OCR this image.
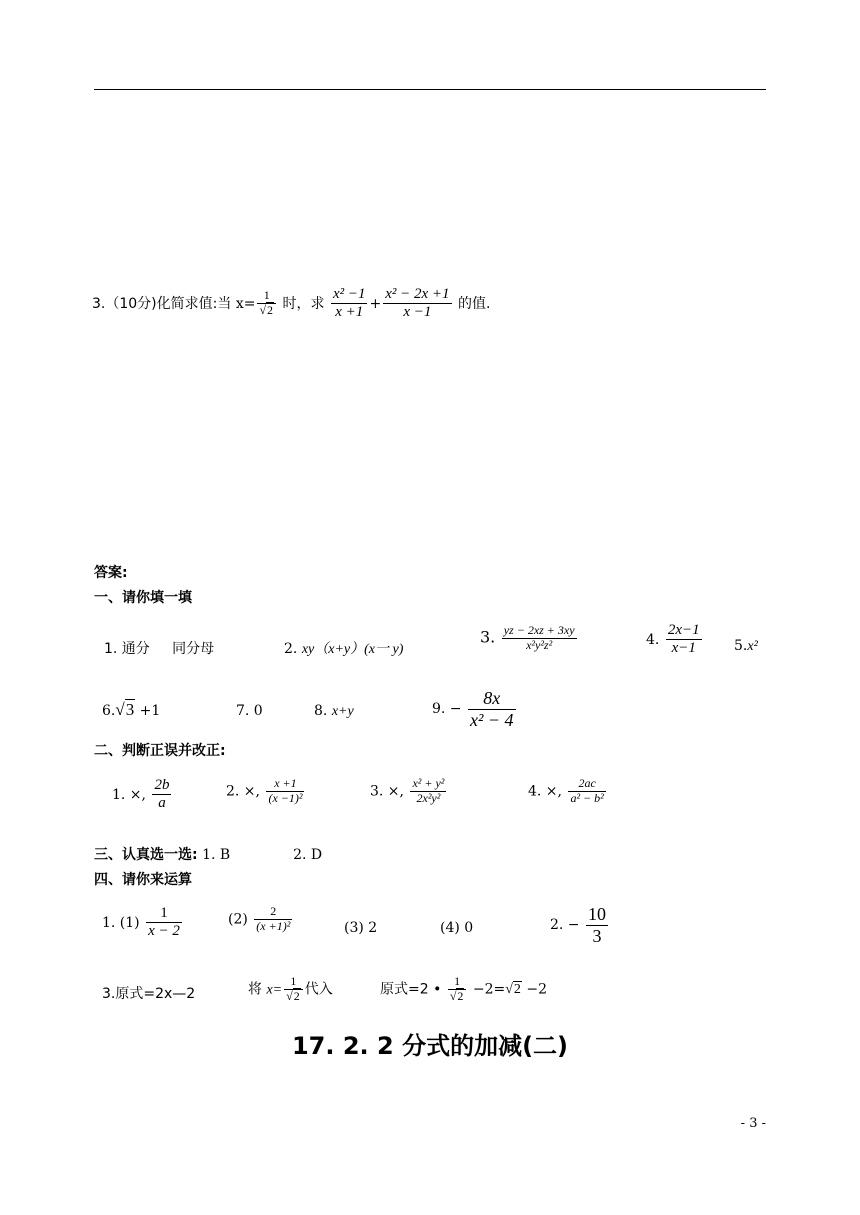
3.（10分)化简求值:当 $x= \frac{1}{√2}$ 时，求 $\frac{\text{x² −1}}{x +1} + \frac{\text{x² − 2x +1}}{x -1}$ 的值.
答案:
一、请你填一填
1. 通分 同分母	2. xy（x+y）(x一 y)
3. $\frac{yz - 2xz + 3xy}{\text{x²y²z²}}$	4. $\frac{2x-1}{x-1} 5.x^2$
6.√3 +1	7. 0	8. x+y	9. − $\frac{8x}{\text{x² − 4}}$
二、判断正误并改正:
1. ×, $\frac{2b}{a}$	2. ×, $\frac{x +1}{\text{(x −1)²}}$	3. ×, $\frac{\text{x² + y²}}{\text{2x²y²}}$	4. ×, $\frac{2ac}{\text{a² − b²}}$
三、认真选一选: 1. B	2. D
四、请你来运算
1. $(1) \frac{1}{x - 2}$	$(2) \frac{2}{\text{(x +1)²}}$	(3) 2	(4) 0	2. − $\frac{10}{3}$
3.原式=2x—2	将 $x= \frac{1}{√2}$ 代入	原式=2 • $\frac{1}{√2} -2=√2 -2$
17. 2. 2 分式的加减(二)
- 3 -
